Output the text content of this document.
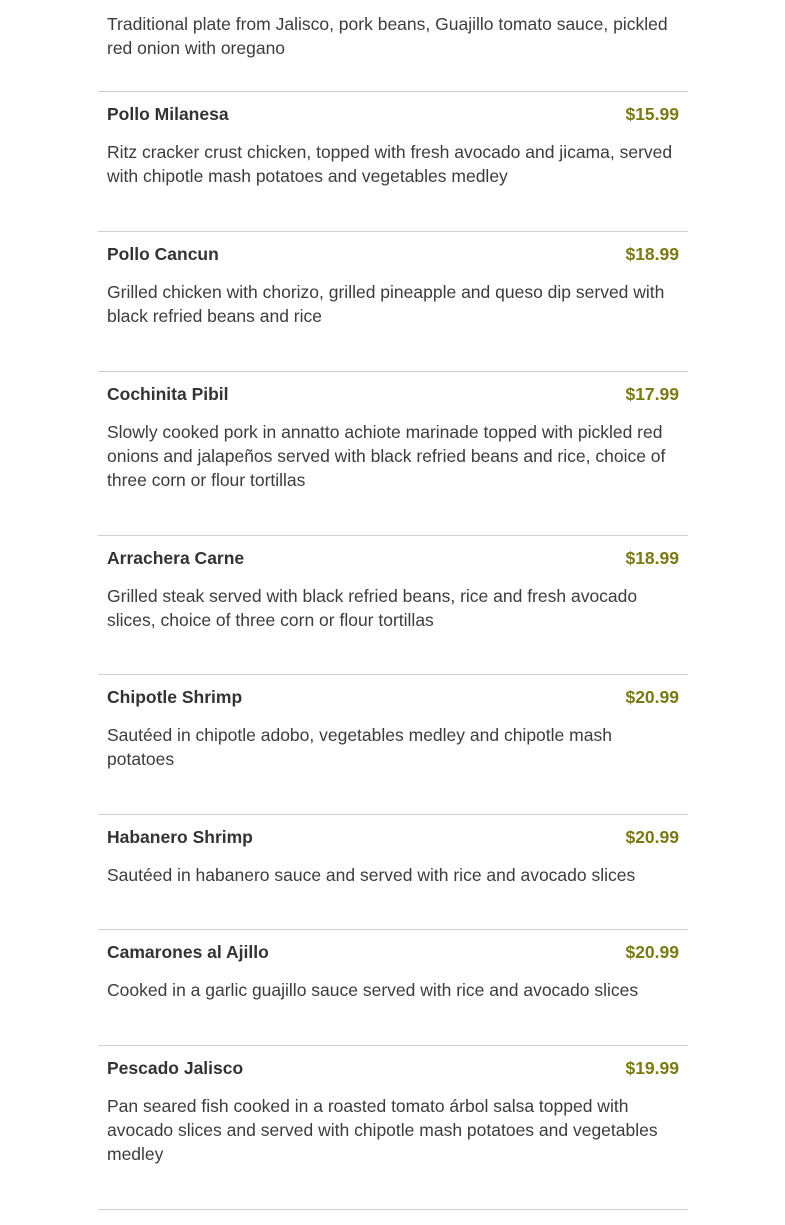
Traditional plate from Jalisco, pork beans, Guajillo tomato sauce, pickled red onion with oregano

Pollo Milanesa	$15.99
Ritz cracker crust chicken, topped with fresh avocado and jicama, served with chipotle mash potatoes and vegetables medley
Pollo Cancun	$18.99
Grilled chicken with chorizo, grilled pineapple and queso dip served with black refried beans and rice
Cochinita Pibil	$17.99
Slowly cooked pork in annatto achiote marinade topped with pickled red onions and jalapeños served with black refried beans and rice, choice of three corn or flour tortillas
Arrachera Carne	$18.99
Grilled steak served with black refried beans, rice and fresh avocado slices, choice of three corn or flour tortillas
Chipotle Shrimp	$20.99
Sautéed in chipotle adobo, vegetables medley and chipotle mash potatoes
Habanero Shrimp	$20.99
Sautéed in habanero sauce and served with rice and avocado slices
Camarones al Ajillo	$20.99
Cooked in a garlic guajillo sauce served with rice and avocado slices
Pescado Jalisco	$19.99
Pan seared fish cooked in a roasted tomato árbol salsa topped with avocado slices and served with chipotle mash potatoes and vegetables medley
